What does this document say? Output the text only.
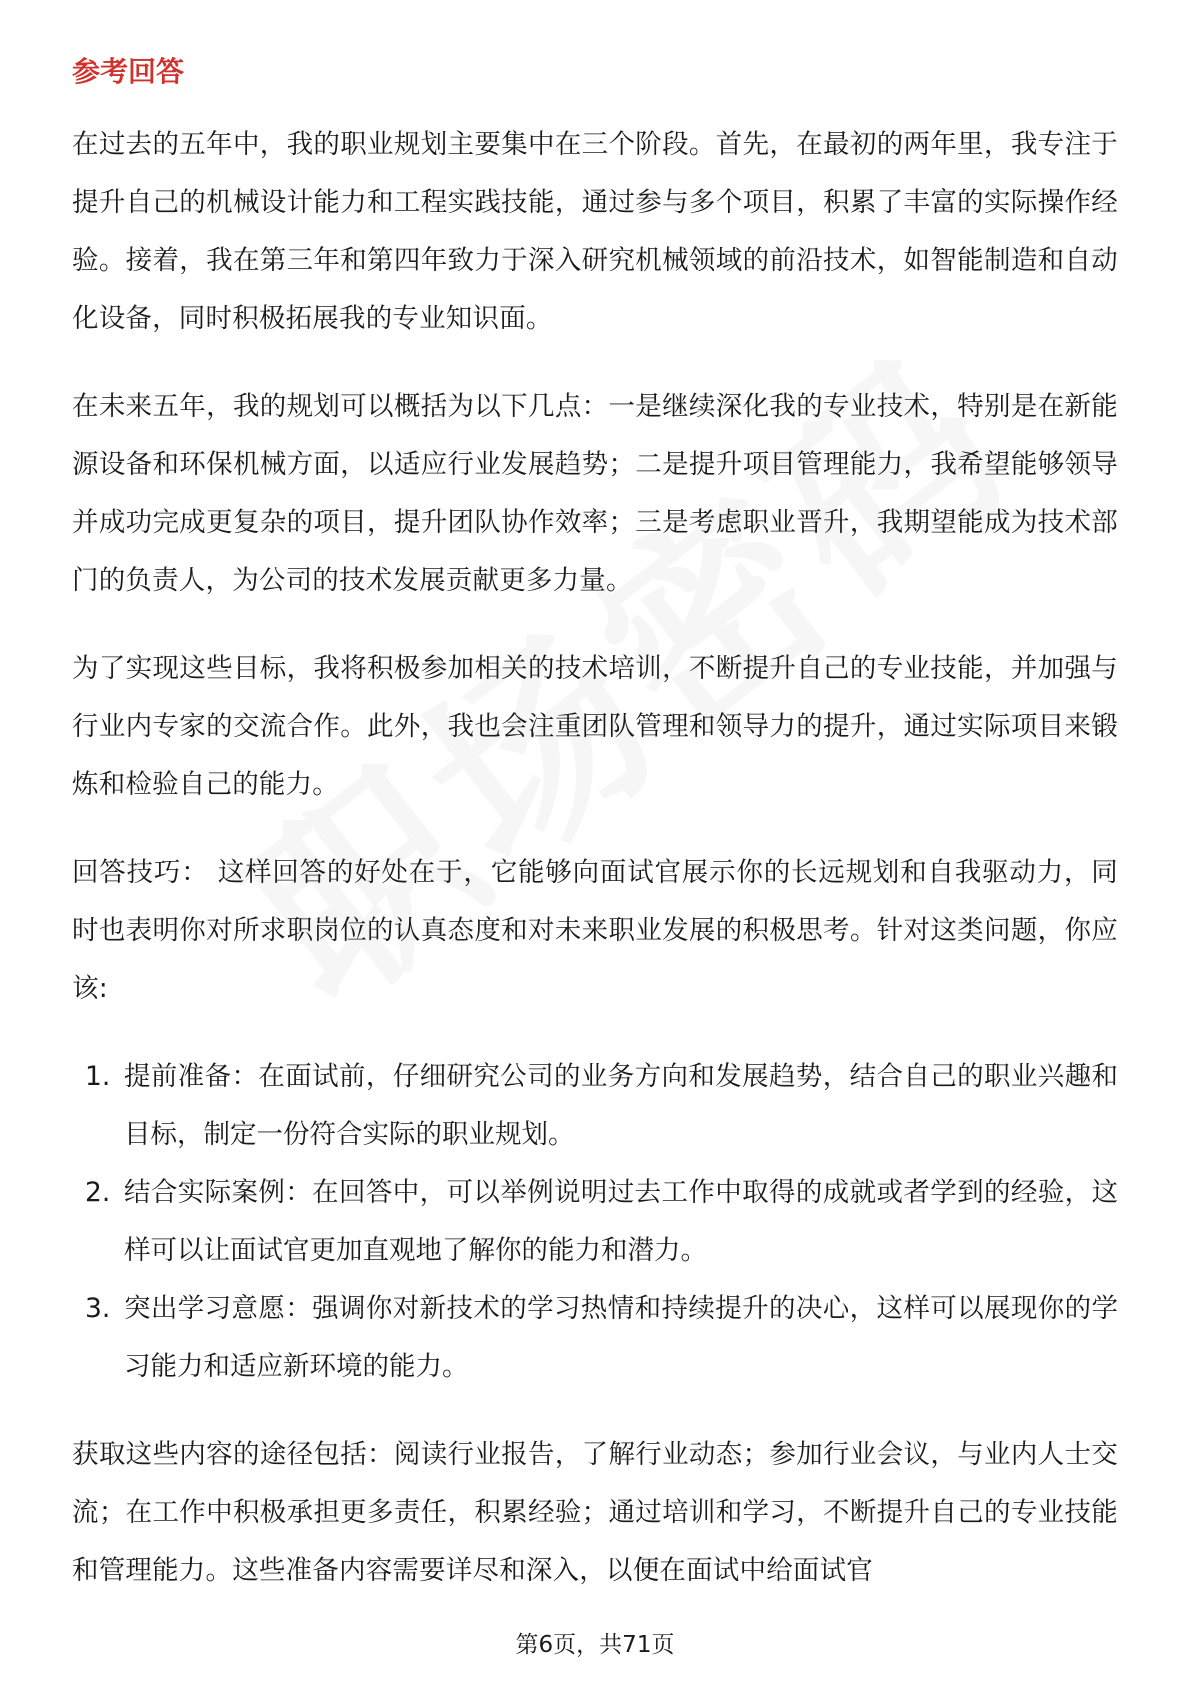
参考回答

在过去的五年中，我的职业规划主要集中在三个阶段。首先，在最初的两年里，我专注于提升自己的机械设计能力和工程实践技能，通过参与多个项目，积累了丰富的实际操作经验。接着，我在第三年和第四年致力于深入研究机械领域的前沿技术，如智能制造和自动化设备，同时积极拓展我的专业知识面。

在未来五年，我的规划可以概括为以下几点：一是继续深化我的专业技术，特别是在新能源设备和环保机械方面，以适应行业发展趋势；二是提升项目管理能力，我希望能够领导并成功完成更复杂的项目，提升团队协作效率；三是考虑职业晋升，我期望能成为技术部门的负责人，为公司的技术发展贡献更多力量。

为了实现这些目标，我将积极参加相关的技术培训，不断提升自己的专业技能，并加强与行业内专家的交流合作。此外，我也会注重团队管理和领导力的提升，通过实际项目来锻炼和检验自己的能力。

回答技巧： 这样回答的好处在于，它能够向面试官展示你的长远规划和自我驱动力，同时也表明你对所求职岗位的认真态度和对未来职业发展的积极思考。针对这类问题，你应该:

1. 提前准备：在面试前，仔细研究公司的业务方向和发展趋势，结合自己的职业兴趣和目标，制定一份符合实际的职业规划。
2. 结合实际案例：在回答中，可以举例说明过去工作中取得的成就或者学到的经验，这样可以让面试官更加直观地了解你的能力和潜力。
3. 突出学习意愿：强调你对新技术的学习热情和持续提升的决心，这样可以展现你的学习能力和适应新环境的能力。

获取这些内容的途径包括：阅读行业报告，了解行业动态；参加行业会议，与业内人士交流；在工作中积极承担更多责任，积累经验；通过培训和学习，不断提升自己的专业技能和管理能力。这些准备内容需要详尽和深入，以便在面试中给面试官

第6页，共71页
